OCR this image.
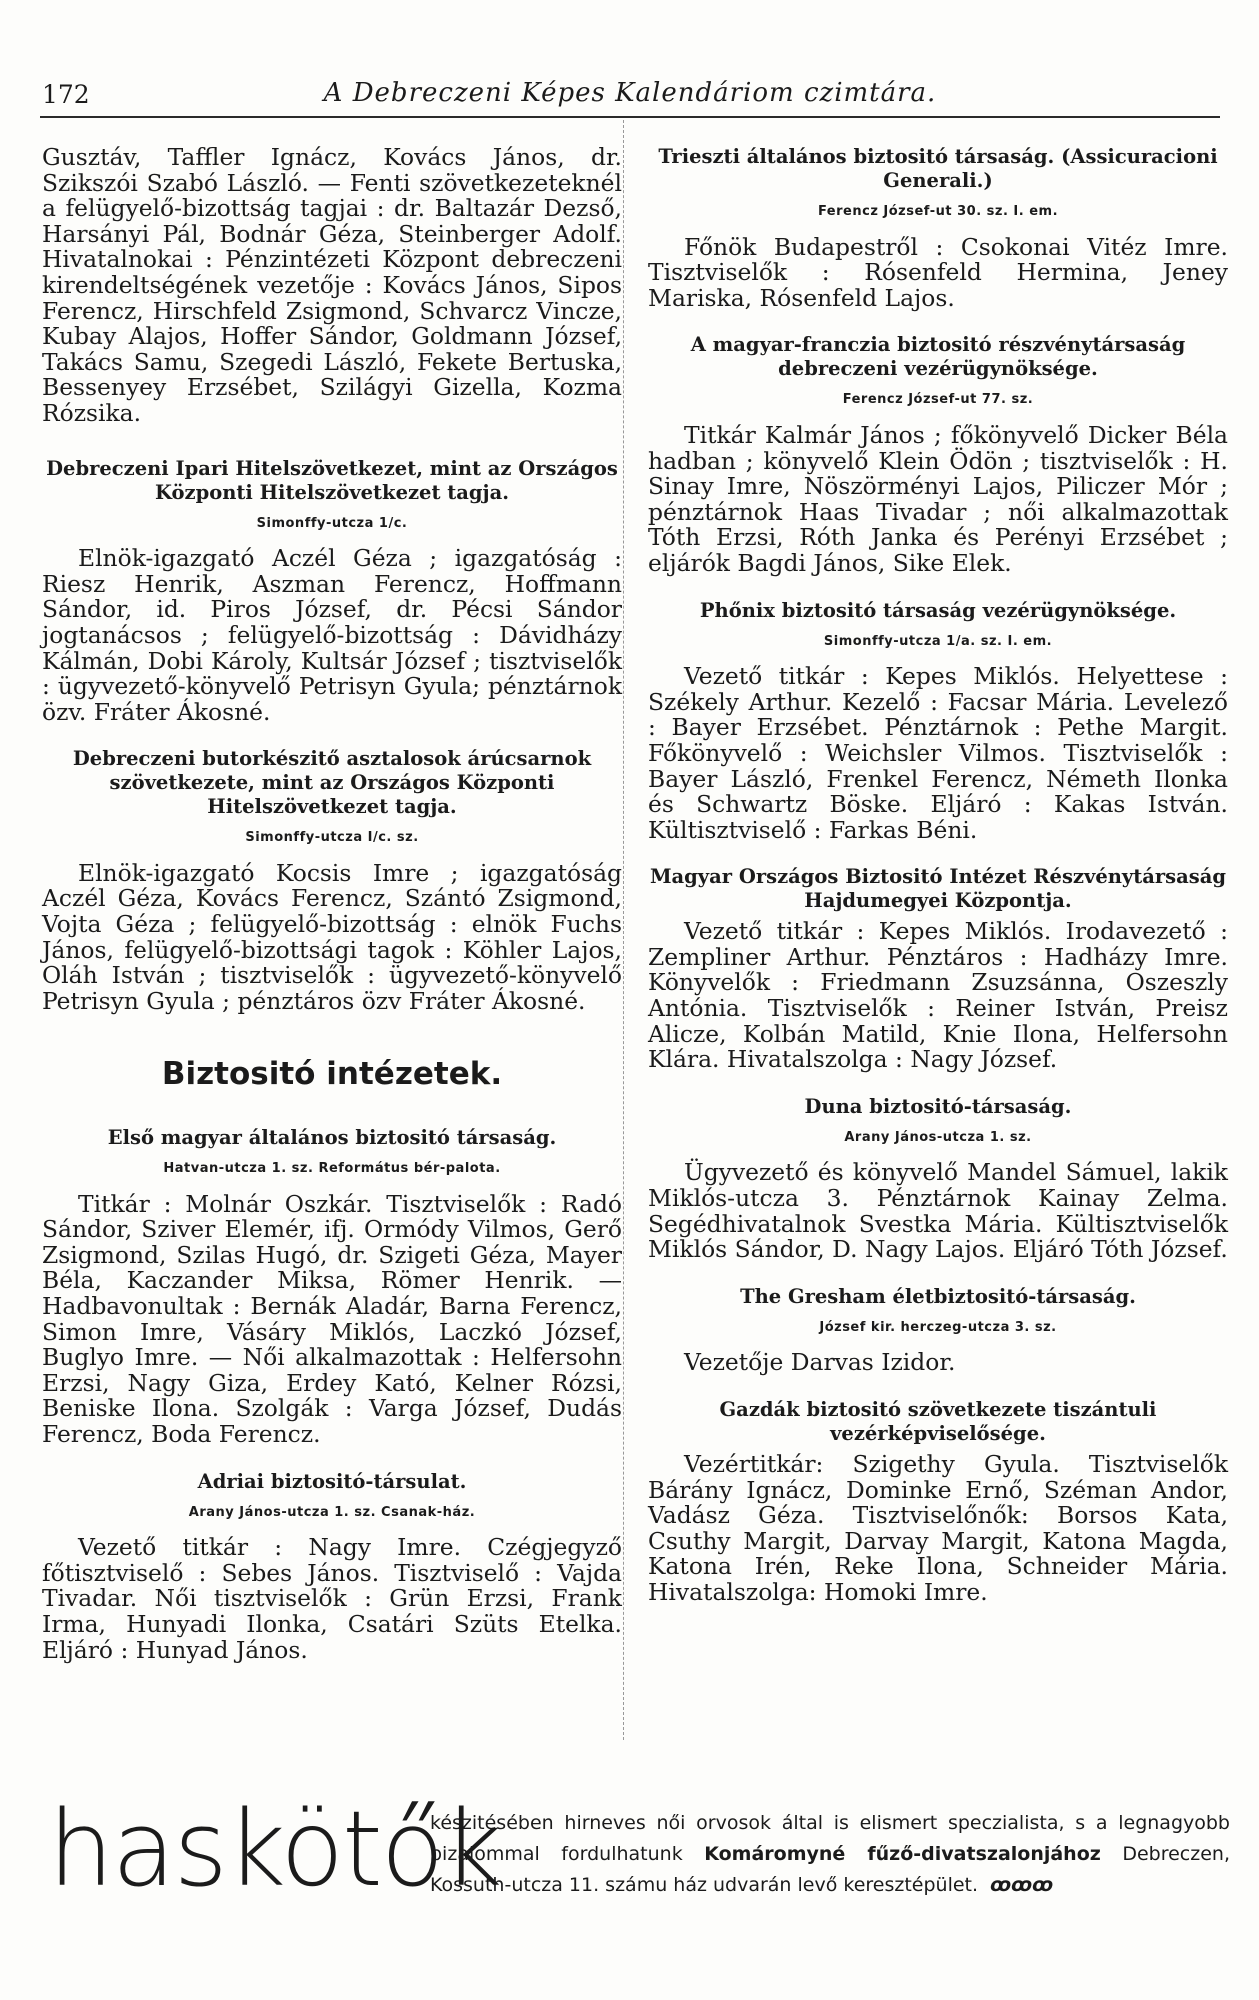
172	A Debreczeni Képes Kalendáriom czimtára.

Gusztáv, Taffler Ignácz, Kovács János, dr. Szikszói Szabó László. — Fenti szövetkezeteknél a felügyelő-bizottság tagjai : dr. Baltazár Dezső, Harsányi Pál, Bodnár Géza, Steinberger Adolf. Hivatalnokai : Pénzintézeti Központ debreczeni kirendeltségének vezetője : Kovács János, Sipos Ferencz, Hirschfeld Zsigmond, Schvarcz Vincze, Kubay Alajos, Hoffer Sándor, Goldmann József, Takács Samu, Szegedi László, Fekete Bertuska, Bessenyey Erzsébet, Szilágyi Gizella, Kozma Rózsika.

Debreczeni Ipari Hitelszövetkezet, mint az Országos Központi Hitelszövetkezet tagja.
Simonffy-utcza 1/c.

Elnök-igazgató Aczél Géza ; igazgatóság : Riesz Henrik, Aszman Ferencz, Hoffmann Sándor, id. Piros József, dr. Pécsi Sándor jogtanácsos ; felügyelő-bizottság : Dávidházy Kálmán, Dobi Károly, Kultsár József ; tisztviselők : ügyvezető-könyvelő Petrisyn Gyula; pénztárnok özv. Fráter Ákosné.

Debreczeni butorkészitő asztalosok árúcsarnok szövetkezete, mint az Országos Központi Hitelszövetkezet tagja.
Simonffy-utcza I/c. sz.

Elnök-igazgató Kocsis Imre ; igazgatóság Aczél Géza, Kovács Ferencz, Szántó Zsigmond, Vojta Géza ; felügyelő-bizottság : elnök Fuchs János, felügyelő-bizottsági tagok : Köhler Lajos, Oláh István ; tisztviselők : ügyvezető-könyvelő Petrisyn Gyula ; pénztáros özv Fráter Ákosné.

Biztositó intézetek.
Első magyar általános biztositó társaság.
Hatvan-utcza 1. sz. Református bér-palota.

Titkár : Molnár Oszkár. Tisztviselők : Radó Sándor, Sziver Elemér, ifj. Ormódy Vilmos, Gerő Zsigmond, Szilas Hugó, dr. Szigeti Géza, Mayer Béla, Kaczander Miksa, Römer Henrik. — Hadbavonultak : Bernák Aladár, Barna Ferencz, Simon Imre, Vásáry Miklós, Laczkó József, Buglyo Imre. — Női alkalmazottak : Helfersohn Erzsi, Nagy Giza, Erdey Kató, Kelner Rózsi, Beniske Ilona. Szolgák : Varga József, Dudás Ferencz, Boda Ferencz.

Adriai biztositó-társulat.
Arany János-utcza 1. sz. Csanak-ház.

Vezető titkár : Nagy Imre. Czégjegyző főtisztviselő : Sebes János. Tisztviselő : Vajda Tivadar. Női tisztviselők : Grün Erzsi, Frank Irma, Hunyadi Ilonka, Csatári Szüts Etelka. Eljáró : Hunyad János.

Trieszti általános biztositó társaság. (Assicuracioni Generali.)
Ferencz József-ut 30. sz. I. em.

Főnök Budapestről : Csokonai Vitéz Imre. Tisztviselők : Rósenfeld Hermina, Jeney Mariska, Rósenfeld Lajos.

A magyar-franczia biztositó részvénytársaság debreczeni vezérügynöksége.
Ferencz József-ut 77. sz.

Titkár Kalmár János ; főkönyvelő Dicker Béla hadban ; könyvelő Klein Ödön ; tisztviselők : H. Sinay Imre, Nöszörményi Lajos, Piliczer Mór ; pénztárnok Haas Tivadar ; női alkalmazottak Tóth Erzsi, Róth Janka és Perényi Erzsébet ; eljárók Bagdi János, Sike Elek.

Phőnix biztositó társaság vezérügynöksége.
Simonffy-utcza 1/a. sz. I. em.

Vezető titkár : Kepes Miklós. Helyettese : Székely Arthur. Kezelő : Facsar Mária. Levelező : Bayer Erzsébet. Pénztárnok : Pethe Margit. Főkönyvelő : Weichsler Vilmos. Tisztviselők : Bayer László, Frenkel Ferencz, Németh Ilonka és Schwartz Böske. Eljáró : Kakas István. Kültisztviselő : Farkas Béni.

Magyar Országos Biztositó Intézet Részvénytársaság Hajdumegyei Központja.

Vezető titkár : Kepes Miklós. Irodavezető : Zempliner Arthur. Pénztáros : Hadházy Imre. Könyvelők : Friedmann Zsuzsánna, Oszeszly Antónia. Tisztviselők : Reiner István, Preisz Alicze, Kolbán Matild, Knie Ilona, Helfersohn Klára. Hivatalszolga : Nagy József.

Duna biztositó-társaság.
Arany János-utcza 1. sz.

Ügyvezető és könyvelő Mandel Sámuel, lakik Miklós-utcza 3. Pénztárnok Kainay Zelma. Segédhivatalnok Svestka Mária. Kültisztviselők Miklós Sándor, D. Nagy Lajos. Eljáró Tóth József.

The Gresham életbiztositó-társaság.
József kir. herczeg-utcza 3. sz.

Vezetője Darvas Izidor.

Gazdák biztositó szövetkezete tiszántuli vezérképviselősége.

Vezértitkár: Szigethy Gyula. Tisztviselők Bárány Ignácz, Dominke Ernő, Széman Andor, Vadász Géza. Tisztviselőnők: Borsos Kata, Csuthy Margit, Darvay Margit, Katona Magda, Katona Irén, Reke Ilona, Schneider Mária. Hivatalszolga: Homoki Imre.

haskötők
készitésében hirneves női orvosok által is elismert speczialista, s a legnagyobb bizalommal fordulhatunk Komáromyné fűző-divatszalonjához Debreczen, Kossuth-utcza 11. számu ház udvarán levő keresztépület. ꝏꝏꝏ
